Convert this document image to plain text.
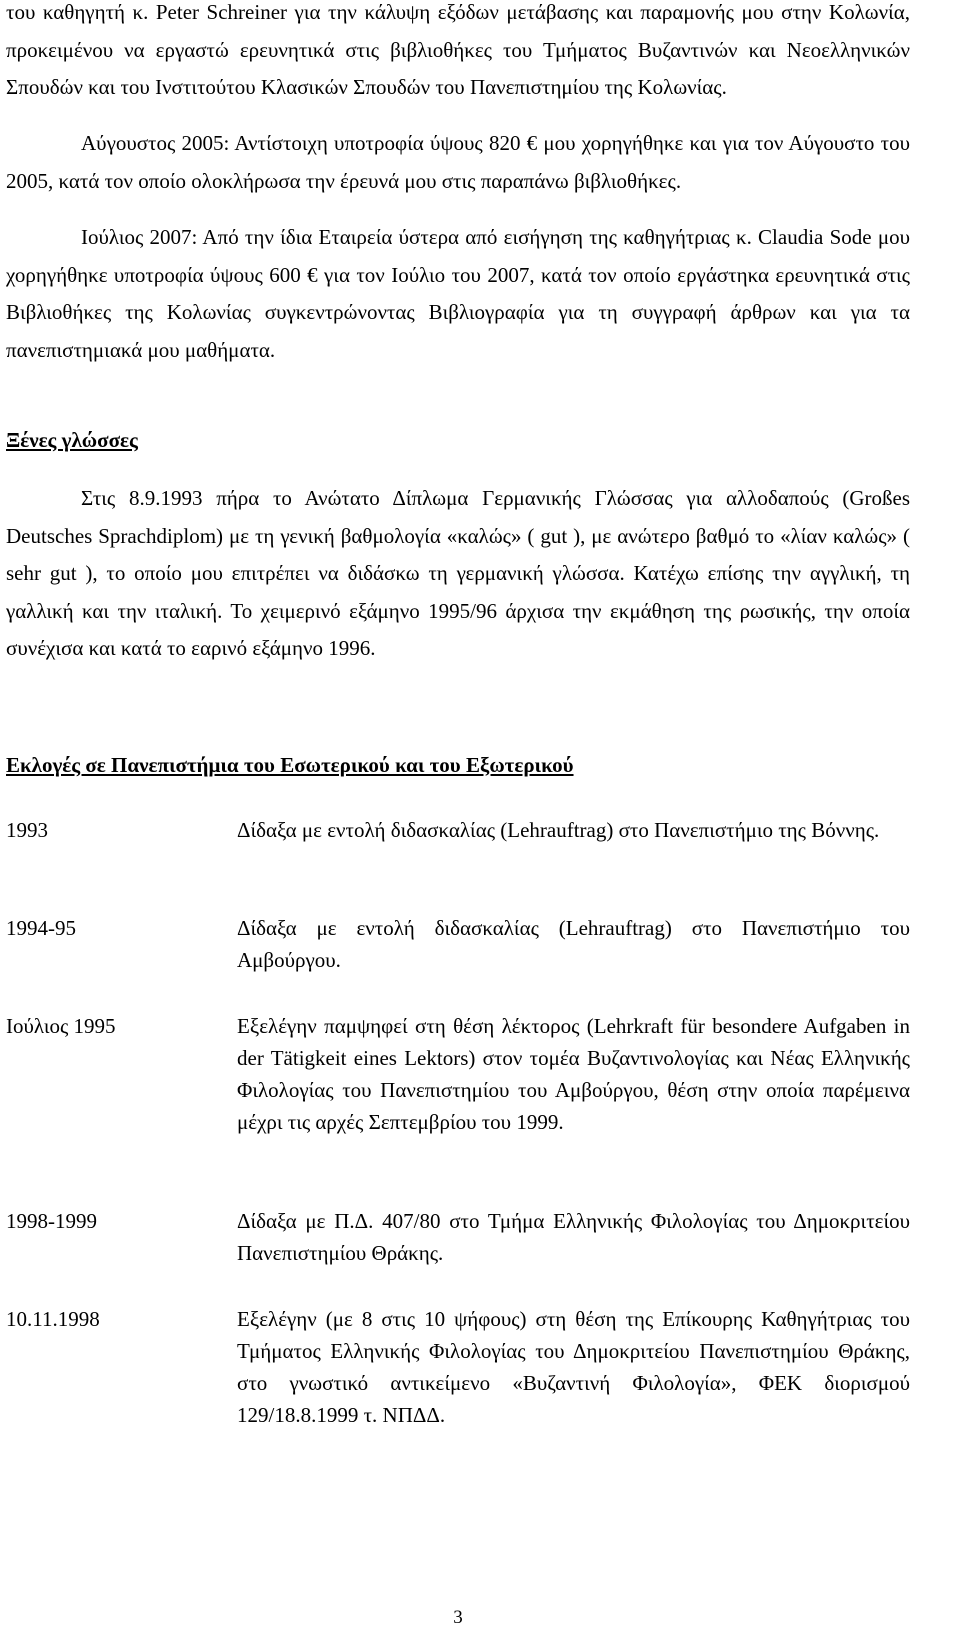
του καθηγητή κ. Peter Schreiner για την κάλυψη εξόδων μετάβασης και παραμονής μου στην Κολωνία, προκειμένου να εργαστώ ερευνητικά στις βιβλιοθήκες του Τμήματος Βυζαντινών και Νεοελληνικών Σπουδών και του Ινστιτούτου Κλασικών Σπουδών του Πανεπιστημίου της Κολωνίας.

Αύγουστος 2005: Αντίστοιχη υποτροφία ύψους 820 € μου χορηγήθηκε και για τον Αύγουστο του 2005, κατά τον οποίο ολοκλήρωσα την έρευνά μου στις παραπάνω βιβλιοθήκες.

Ιούλιος 2007: Από την ίδια Εταιρεία ύστερα από εισήγηση της καθηγήτριας κ. Claudia Sode μου χορηγήθηκε υποτροφία ύψους 600 € για τον Ιούλιο του 2007, κατά τον οποίο εργάστηκα ερευνητικά στις Βιβλιοθήκες της Κολωνίας συγκεντρώνοντας Βιβλιογραφία για τη συγγραφή άρθρων και για τα πανεπιστημιακά μου μαθήματα.

Ξένες γλώσσες

Στις 8.9.1993 πήρα το Ανώτατο Δίπλωμα Γερμανικής Γλώσσας για αλλοδαπούς (Großes Deutsches Sprachdiplom) με τη γενική βαθμολογία «καλώς» ( gut ), με ανώτερο βαθμό το «λίαν καλώς» ( sehr gut ), το οποίο μου επιτρέπει να διδάσκω τη γερμανική γλώσσα. Κατέχω επίσης την αγγλική, τη γαλλική και την ιταλική. Το χειμερινό εξάμηνο 1995/96 άρχισα την εκμάθηση της ρωσικής, την οποία συνέχισα και κατά το εαρινό εξάμηνο 1996.

Εκλογές σε Πανεπιστήμια του Εσωτερικού και του Εξωτερικού
1993	Δίδαξα με εντολή διδασκαλίας (Lehrauftrag) στο Πανεπιστήμιο της Βόννης.
1994-95	Δίδαξα με εντολή διδασκαλίας (Lehrauftrag) στο Πανεπιστήμιο του Αμβούργου.
Ιούλιος 1995	Εξελέγην παμψηφεί στη θέση λέκτορος (Lehrkraft für besondere Aufgaben in der Tätigkeit eines Lektors) στον τομέα Βυζαντινολογίας και Νέας Ελληνικής Φιλολογίας του Πανεπιστημίου του Αμβούργου, θέση στην οποία παρέμεινα μέχρι τις αρχές Σεπτεμβρίου του 1999.
1998-1999	Δίδαξα με Π.Δ. 407/80 στο Τμήμα Ελληνικής Φιλολογίας του Δημοκριτείου Πανεπιστημίου Θράκης.
10.11.1998	Εξελέγην (με 8 στις 10 ψήφους) στη θέση της Επίκουρης Καθηγήτριας του Τμήματος Ελληνικής Φιλολογίας του Δημοκριτείου Πανεπιστημίου Θράκης, στο γνωστικό αντικείμενο «Βυζαντινή Φιλολογία», ΦΕΚ διορισμού 129/18.8.1999 τ. ΝΠΔΔ.
3
